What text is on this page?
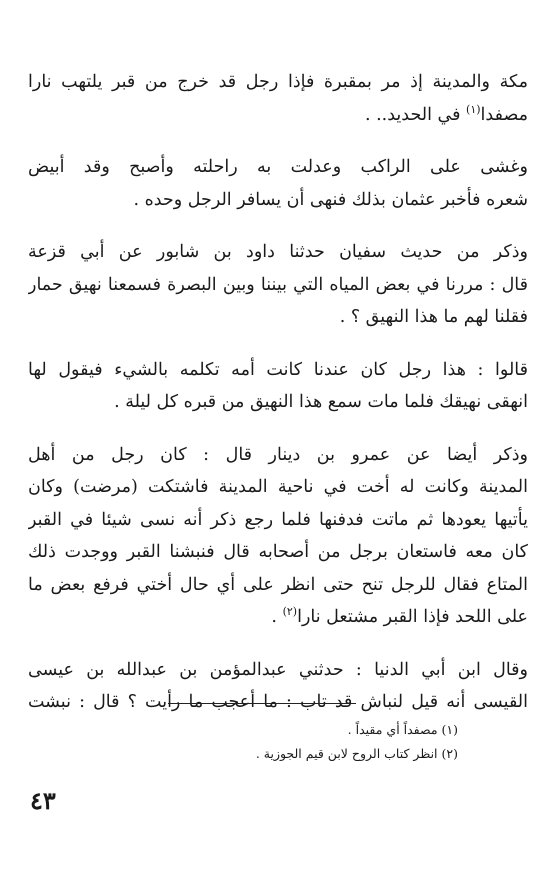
مكة والمدينة إذ مر بمقبرة فإذا رجل قد خرج من قبر يلتهب نارا
مصفدا$^{(١)}$ في الحديد.. .

وغشى على الراكب وعدلت به راحلته وأصبح وقد أبيض
شعره فأخبر عثمان بذلك فنهى أن يسافر الرجل وحده .

وذكر من حديث سفيان حدثنا داود بن شابور عن أبي قزعة
قال : مررنا في بعض المياه التي بيننا وبين البصرة فسمعنا نهيق حمار
فقلنا لهم ما هذا النهيق ؟ .

قالوا : هذا رجل كان عندنا كانت أمه تكلمه بالشيء فيقول لها
انهقى نهيقك فلما مات سمع هذا النهيق من قبره كل ليلة .

وذكر أيضا عن عمرو بن دينار قال : كان رجل من أهل
المدينة وكانت له أخت في ناحية المدينة فاشتكت (مرضت) وكان
يأتيها يعودها ثم ماتت فدفنها فلما رجع ذكر أنه نسى شيئا في القبر
كان معه فاستعان برجل من أصحابه قال فنبشنا القبر ووجدت ذلك
المتاع فقال للرجل تنح حتى انظر على أي حال أختي فرفع بعض ما
على اللحد فإذا القبر مشتعل نارا$^{(٢)}$ .

وقال ابن أبي الدنيا : حدثني عبدالمؤمن بن عبدالله بن عيسى
القيسى أنه قيل لنباش قد تاب : ما أعجب ما رأيت ؟ قال : نبشت

(١) مصفداً أي مقيداً .
(٢) انظر كتاب الروح لابن قيم الجوزية .
٤٣
